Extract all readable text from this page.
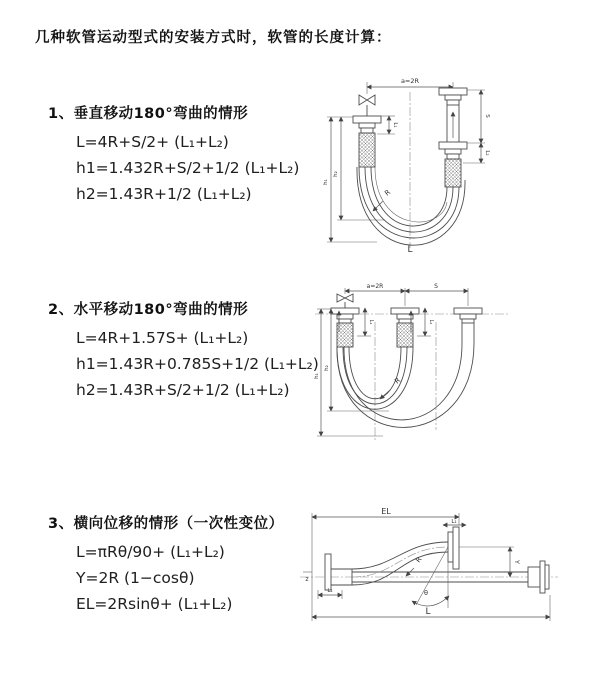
几种软管运动型式的安装方式时，软管的长度计算：
1、垂直移动180°弯曲的情形
L=4R+S/2+ (L₁+L₂)
h1=1.432R+S/2+1/2 (L₁+L₂)
h2=1.43R+1/2 (L₁+L₂)
2、水平移动180°弯曲的情形
L=4R+1.57S+ (L₁+L₂)
h1=1.43R+0.785S+1/2 (L₁+L₂)
h2=1.43R+S/2+1/2 (L₁+L₂)
3、横向位移的情形（一次性变位）
L=πRθ/90+ (L₁+L₂)
Y=2R (1−cosθ)
EL=2Rsinθ+ (L₁+L₂)
a=2R
L₁
S
L₂
h₁
h₂
R
L
a=2R	S
L₁	L₂
h₁
h₂
R
z
L₂
EL
L₁
Y
θ
R
L
